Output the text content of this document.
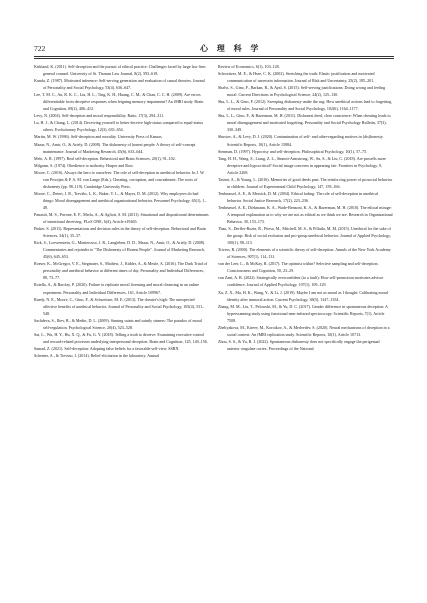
722	心 理 科 学

Kirkland, K. (2011). Self-deception and the pursuit of ethical practice: Challenges faced by large law firm general counsel. University of St. Thomas Law Journal, 8(2), 593–618.

Kunda, Z. (1987). Motivated inference: Self-serving generation and evaluation of causal theories. Journal of Personality and Social Psychology, 53(4), 636–647.

Lee, T. M. C., Au, R. K. C., Liu, H. L., Ting, K. H., Huang, C. M., & Chan, C. C. H. (2009). Are errors differentiable from deceptive responses when feigning memory impairment? An fMRI study. Brain and Cognition, 69(2), 406–412.

Levy, N. (2004). Self-deception and moral responsibility. Ratio, 17(3), 294–311.

Lu, H. J., & Chang, L. (2014). Deceiving yourself to better deceive high-status compared to equal-status others. Evolutionary Psychology, 12(3), 635–654.

Martin, M. W. (1986). Self-deception and morality. University Press of Kansas.

Mazar, N., Amir, O., & Ariely, D. (2008). The dishonesty of honest people: A theory of self-concept maintenance. Journal of Marketing Research, 45(6), 633–644.

Mele, A. R. (1997). Real self-deception. Behavioral and Brain Sciences, 20(1), 91–102.

Milgram, S. (1974). Obedience to authority. Harper and Row.

Moore, C. (2016). Always the hero to ourselves: The role of self-deception in unethical behavior. In J. W. van Prooijen & P. A. M. van Lange (Eds.), Cheating, corruption, and concealment: The roots of dishonesty (pp. 98–119). Cambridge University Press.

Moore, C., Detert, J. R., Treviño, L. K., Baker, V. L., & Mayer, D. M. (2012). Why employees do bad things: Moral disengagement and unethical organizational behavior. Personnel Psychology, 65(1), 1–48.

Panasiti, M. S., Pavone, E. F., Merla, A., & Aglioti, S. M. (2011). Situational and dispositional determinants of intentional deceiving. PLoS ONE, 6(4), Article e19465.

Pinker, S. (2011). Representations and decision rules in the theory of self-deception. Behavioral and Brain Sciences, 34(1), 35–37.

Rick, S., Loewenstein, G., Monterosso, J. R., Langleben, D. D., Mazar, N., Amir, O., & Ariely, D. (2008). Commentaries and rejoinder to "The Dishonesty of Honest People". Journal of Marketing Research, 45(6), 645–653.

Roeser, K., McGregor, V. E., Stegmaier, S., Mathew, J., Kübler, A., & Meule, A. (2016). The Dark Triad of personality and unethical behavior at different times of day. Personality and Individual Differences, 88, 73–77.

Rotella, A., & Barclay, P. (2020). Failure to replicate moral licensing and moral cleansing in an online experiment. Personality and Individual Differences, 161, Article 109967.

Ruedy, N. E., Moore, C., Gino, F., & Schweitzer, M. E. (2013). The cheater's high: The unexpected affective benefits of unethical behavior. Journal of Personality and Social Psychology, 105(4), 531–548.

Sachdeva, S., Iliev, R., & Medin, D. L. (2009). Sinning saints and saintly sinners: The paradox of moral self-regulation. Psychological Science, 20(4), 523–528.

Sai, L., Wu, H. Y., Hu, X. Q., & Fu, G. Y. (2018). Telling a truth to deceive: Examining executive control and reward-related processes underlying interpersonal deception. Brain and Cognition, 125, 149–156.

Samad, Z. (2021). Self-deception: Adopting false beliefs for a favorable self-view. SSRN.

Schenter, A., & Trevino, I. (2014). Belief elicitation in the laboratory. Annual

Review of Economics, 6(1), 103–128.

Schweitzer, M. E., & Hsee, C. K. (2002). Stretching the truth: Elastic justification and motivated communication of uncertain information. Journal of Risk and Uncertainty, 25(2), 185–201.

Shalvi, S., Gino, F., Barkan, R., & Ayal, S. (2015). Self-serving justifications: Doing wrong and feeling moral. Current Directions in Psychological Science, 24(2), 125–130.

Shu, L. L., & Gino, F. (2012). Sweeping dishonesty under the rug: How unethical actions lead to forgetting of moral rules. Journal of Personality and Social Psychology, 102(6), 1164–1177.

Shu, L. L., Gino, F., & Bazerman, M. H. (2011). Dishonest deed, clear conscience: When cheating leads to moral disengagement and motivated forgetting. Personality and Social Psychology Bulletin, 37(3), 330–349.

Shustov, A., & Levy, D. J. (2020). Contamination of self- and other-regarding motives in (dis)honesty. Scientific Reports, 10(1), Article 15884.

Stenman, D. (1997). Hypocrisy and self-deception. Philosophical Psychology, 10(1), 57–75.

Tang, H. H., Wang, S., Liang, Z. L., Sinnott-Armstrong, W., Su, S., & Liu, C. (2018). Are proselfs more deceptive and hypocritical? Social image concerns in appearing fair. Frontiers in Psychology, 9, Article 2268.

Tasimi, A., & Young, L. (2016). Memories of good deeds past: The reinforcing power of prosocial behavior in children. Journal of Experimental Child Psychology, 147, 159–166.

Tenbrunsel, A. E., & Messick, D. M. (2004). Ethical fading: The role of self-deception in unethical behavior. Social Justice Research, 17(2), 223–236.

Tenbrunsel, A. E., Diekmann, K. A., Wade-Benzoni, K. A., & Bazerman, M. H. (2010). The ethical mirage: A temporal explanation as to why we are not as ethical as we think we are. Research in Organizational Behavior, 30, 153–173.

Thau, S., Derfler-Rozin, R., Pitesa, M., Mitchell, M. S., & Pillutla, M. M. (2015). Unethical for the sake of the group: Risk of social exclusion and pro-group unethical behavior. Journal of Applied Psychology, 100(1), 98–113.

Trivers, R. (2000). The elements of a scientific theory of self-deception. Annals of the New York Academy of Sciences, 907(1), 114–131.

van der Leer, L., & McKay, R. (2017). The optimist within? Selective sampling and self-deception. Consciousness and Cognition, 50, 23–29.

van Zant, A. B. (2022). Strategically overconfident (to a fault): How self-promotion motivates advisor confidence. Journal of Applied Psychology, 107(1), 109–129.

Xu, Z. X., Ma, H. K., Wang, Y., & Li, J. (2019). Maybe I am not as moral as I thought: Calibrating moral identity after immoral action. Current Psychology, 38(5), 1347–1354.

Zhang, M. M., Liu, T., Pelowski, M., & Yu, D. C. (2017). Gender difference in spontaneous deception: A hyperscanning study using functional near-infrared spectroscopy. Scientific Reports, 7(1), Article 7508.

Zheltyakova, M., Kireev, M., Korotkov, A., & Medvedev, S. (2020). Neural mechanisms of deception in a social context: An fMRI replication study. Scientific Reports, 10(1), Article 10713.

Zhou, S. S., & Yu, R. J. (2022). Spontaneous dishonesty does not specifically engage the perigenual anterior cingulate cortex. Proceedings of the National
